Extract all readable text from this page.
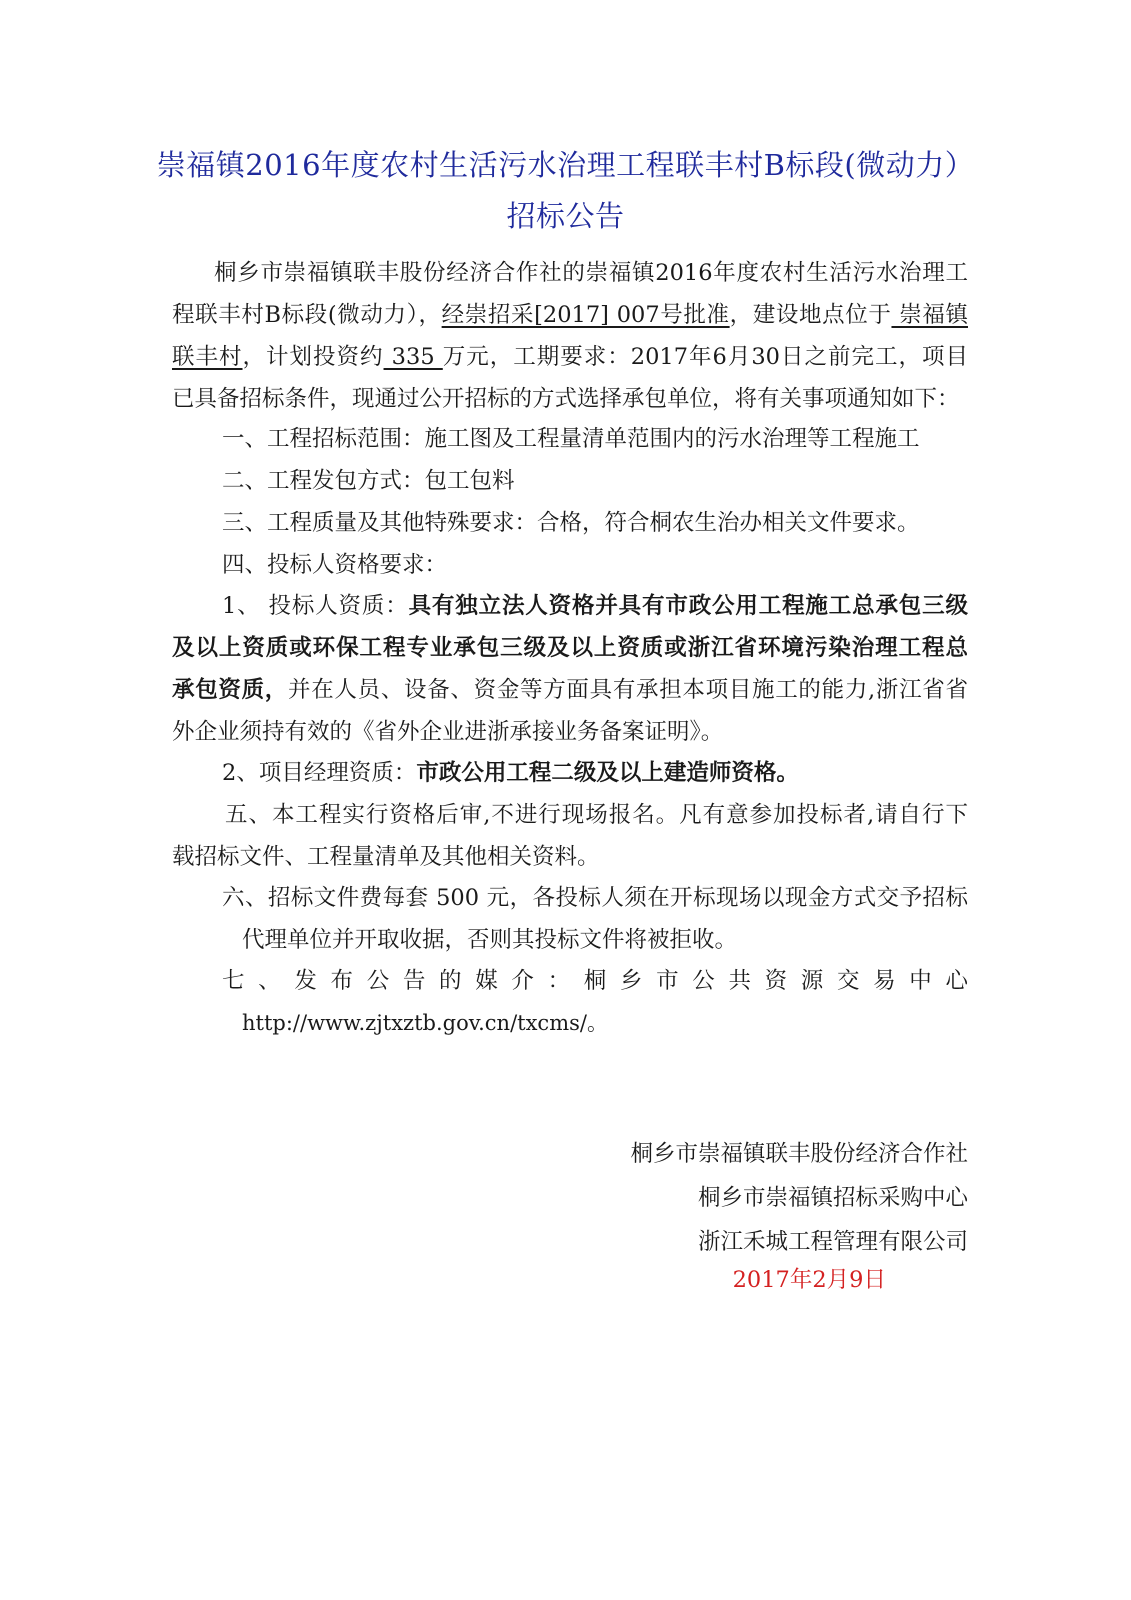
崇福镇2016年度农村生活污水治理工程联丰村B标段(微动力）
招标公告
桐乡市崇福镇联丰股份经济合作社的崇福镇2016年度农村生活污水治理工
程联丰村B标段(微动力），经崇招采[2017] 007号批准，建设地点位于 崇福镇
联丰村，计划投资约 335 万元，工期要求：2017年6月30日之前完工，项目
已具备招标条件，现通过公开招标的方式选择承包单位，将有关事项通知如下：
一、工程招标范围：施工图及工程量清单范围内的污水治理等工程施工
二、工程发包方式：包工包料
三、工程质量及其他特殊要求：合格，符合桐农生治办相关文件要求。
四、投标人资格要求：
1、 投标人资质：具有独立法人资格并具有市政公用工程施工总承包三级
及以上资质或环保工程专业承包三级及以上资质或浙江省环境污染治理工程总
承包资质，并在人员、设备、资金等方面具有承担本项目施工的能力,浙江省省
外企业须持有效的《省外企业进浙承接业务备案证明》。
2、项目经理资质：市政公用工程二级及以上建造师资格。
五、本工程实行资格后审,不进行现场报名。凡有意参加投标者,请自行下
载招标文件、工程量清单及其他相关资料。
六、招标文件费每套 500 元，各投标人须在开标现场以现金方式交予招标
代理单位并开取收据，否则其投标文件将被拒收。
七、发布公告的媒介：桐乡市公共资源交易中心
http://www.zjtxztb.gov.cn/txcms/。
桐乡市崇福镇联丰股份经济合作社
桐乡市崇福镇招标采购中心
浙江禾城工程管理有限公司
2017年2月9日
